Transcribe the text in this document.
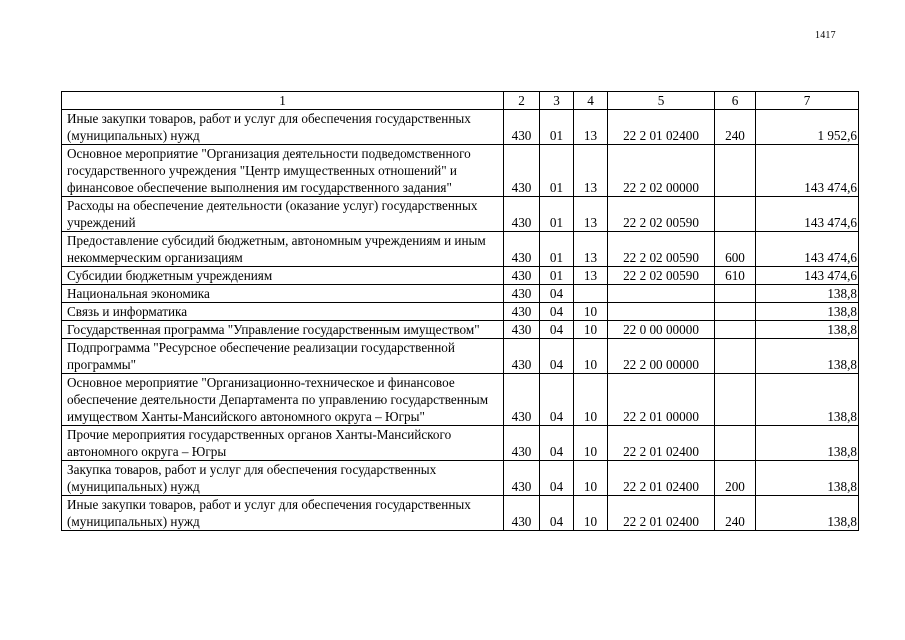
1417
1	2	3	4	5	6	7
Иные закупки товаров, работ и услуг для обеспечения государственных (муниципальных) нужд	430	01	13	22 2 01 02400	240	1 952,6
Основное мероприятие "Организация деятельности подведомственного государственного учреждения "Центр имущественных отношений" и финансовое обеспечение выполнения им государственного задания"	430	01	13	22 2 02 00000		143 474,6
Расходы на обеспечение деятельности (оказание услуг) государственных учреждений	430	01	13	22 2 02 00590		143 474,6
Предоставление субсидий бюджетным, автономным учреждениям и иным некоммерческим организациям	430	01	13	22 2 02 00590	600	143 474,6
Субсидии бюджетным учреждениям	430	01	13	22 2 02 00590	610	143 474,6
Национальная экономика	430	04				138,8
Связь и информатика	430	04	10			138,8
Государственная программа "Управление государственным имуществом"	430	04	10	22 0 00 00000		138,8
Подпрограмма "Ресурсное обеспечение реализации государственной программы"	430	04	10	22 2 00 00000		138,8
Основное мероприятие "Организационно-техническое и финансовое обеспечение деятельности Департамента по управлению государственным имуществом Ханты-Мансийского автономного округа – Югры"	430	04	10	22 2 01 00000		138,8
Прочие мероприятия государственных органов Ханты-Мансийского автономного округа – Югры	430	04	10	22 2 01 02400		138,8
Закупка товаров, работ и услуг для обеспечения государственных (муниципальных) нужд	430	04	10	22 2 01 02400	200	138,8
Иные закупки товаров, работ и услуг для обеспечения государственных (муниципальных) нужд	430	04	10	22 2 01 02400	240	138,8
